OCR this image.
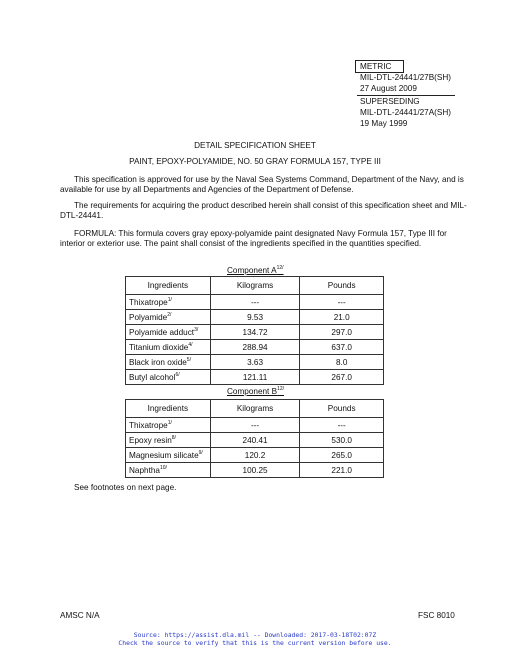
METRIC
MIL-DTL-24441/27B(SH)
27 August 2009
SUPERSEDING
MIL-DTL-24441/27A(SH)
19 May 1999
DETAIL SPECIFICATION SHEET
PAINT, EPOXY-POLYAMIDE, NO. 50 GRAY FORMULA 157, TYPE III
This specification is approved for use by the Naval Sea Systems Command, Department of the Navy, and is available for use by all Departments and Agencies of the Department of Defense.
The requirements for acquiring the product described herein shall consist of this specification sheet and MIL-DTL-24441.
FORMULA: This formula covers gray epoxy-polyamide paint designated Navy Formula 157, Type III for interior or exterior use. The paint shall consist of the ingredients specified in the quantities specified.
Component $A^{12/}$
Ingredients	Kilograms	Pounds
Thixatrope$^{1/}$	---	---
Polyamide$^{2/}$	9.53	21.0
Polyamide adduct$^{3/}$	134.72	297.0
Titanium dioxide$^{4/}$	288.94	637.0
Black iron oxide$^{5/}$	3.63	8.0
Butyl alcohol$^{6/}$	121.11	267.0
Component $B^{12/}$
Ingredients	Kilograms	Pounds
Thixatrope$^{1/}$	---	---
Epoxy resin$^{8/}$	240.41	530.0
Magnesium silicate$^{9/}$	120.2	265.0
Naphtha$^{10/}$	100.25	221.0
See footnotes on next page.
AMSC N/A	FSC 8010
Source: https://assist.dla.mil -- Downloaded: 2017-03-18T02:07Z
Check the source to verify that this is the current version before use.
